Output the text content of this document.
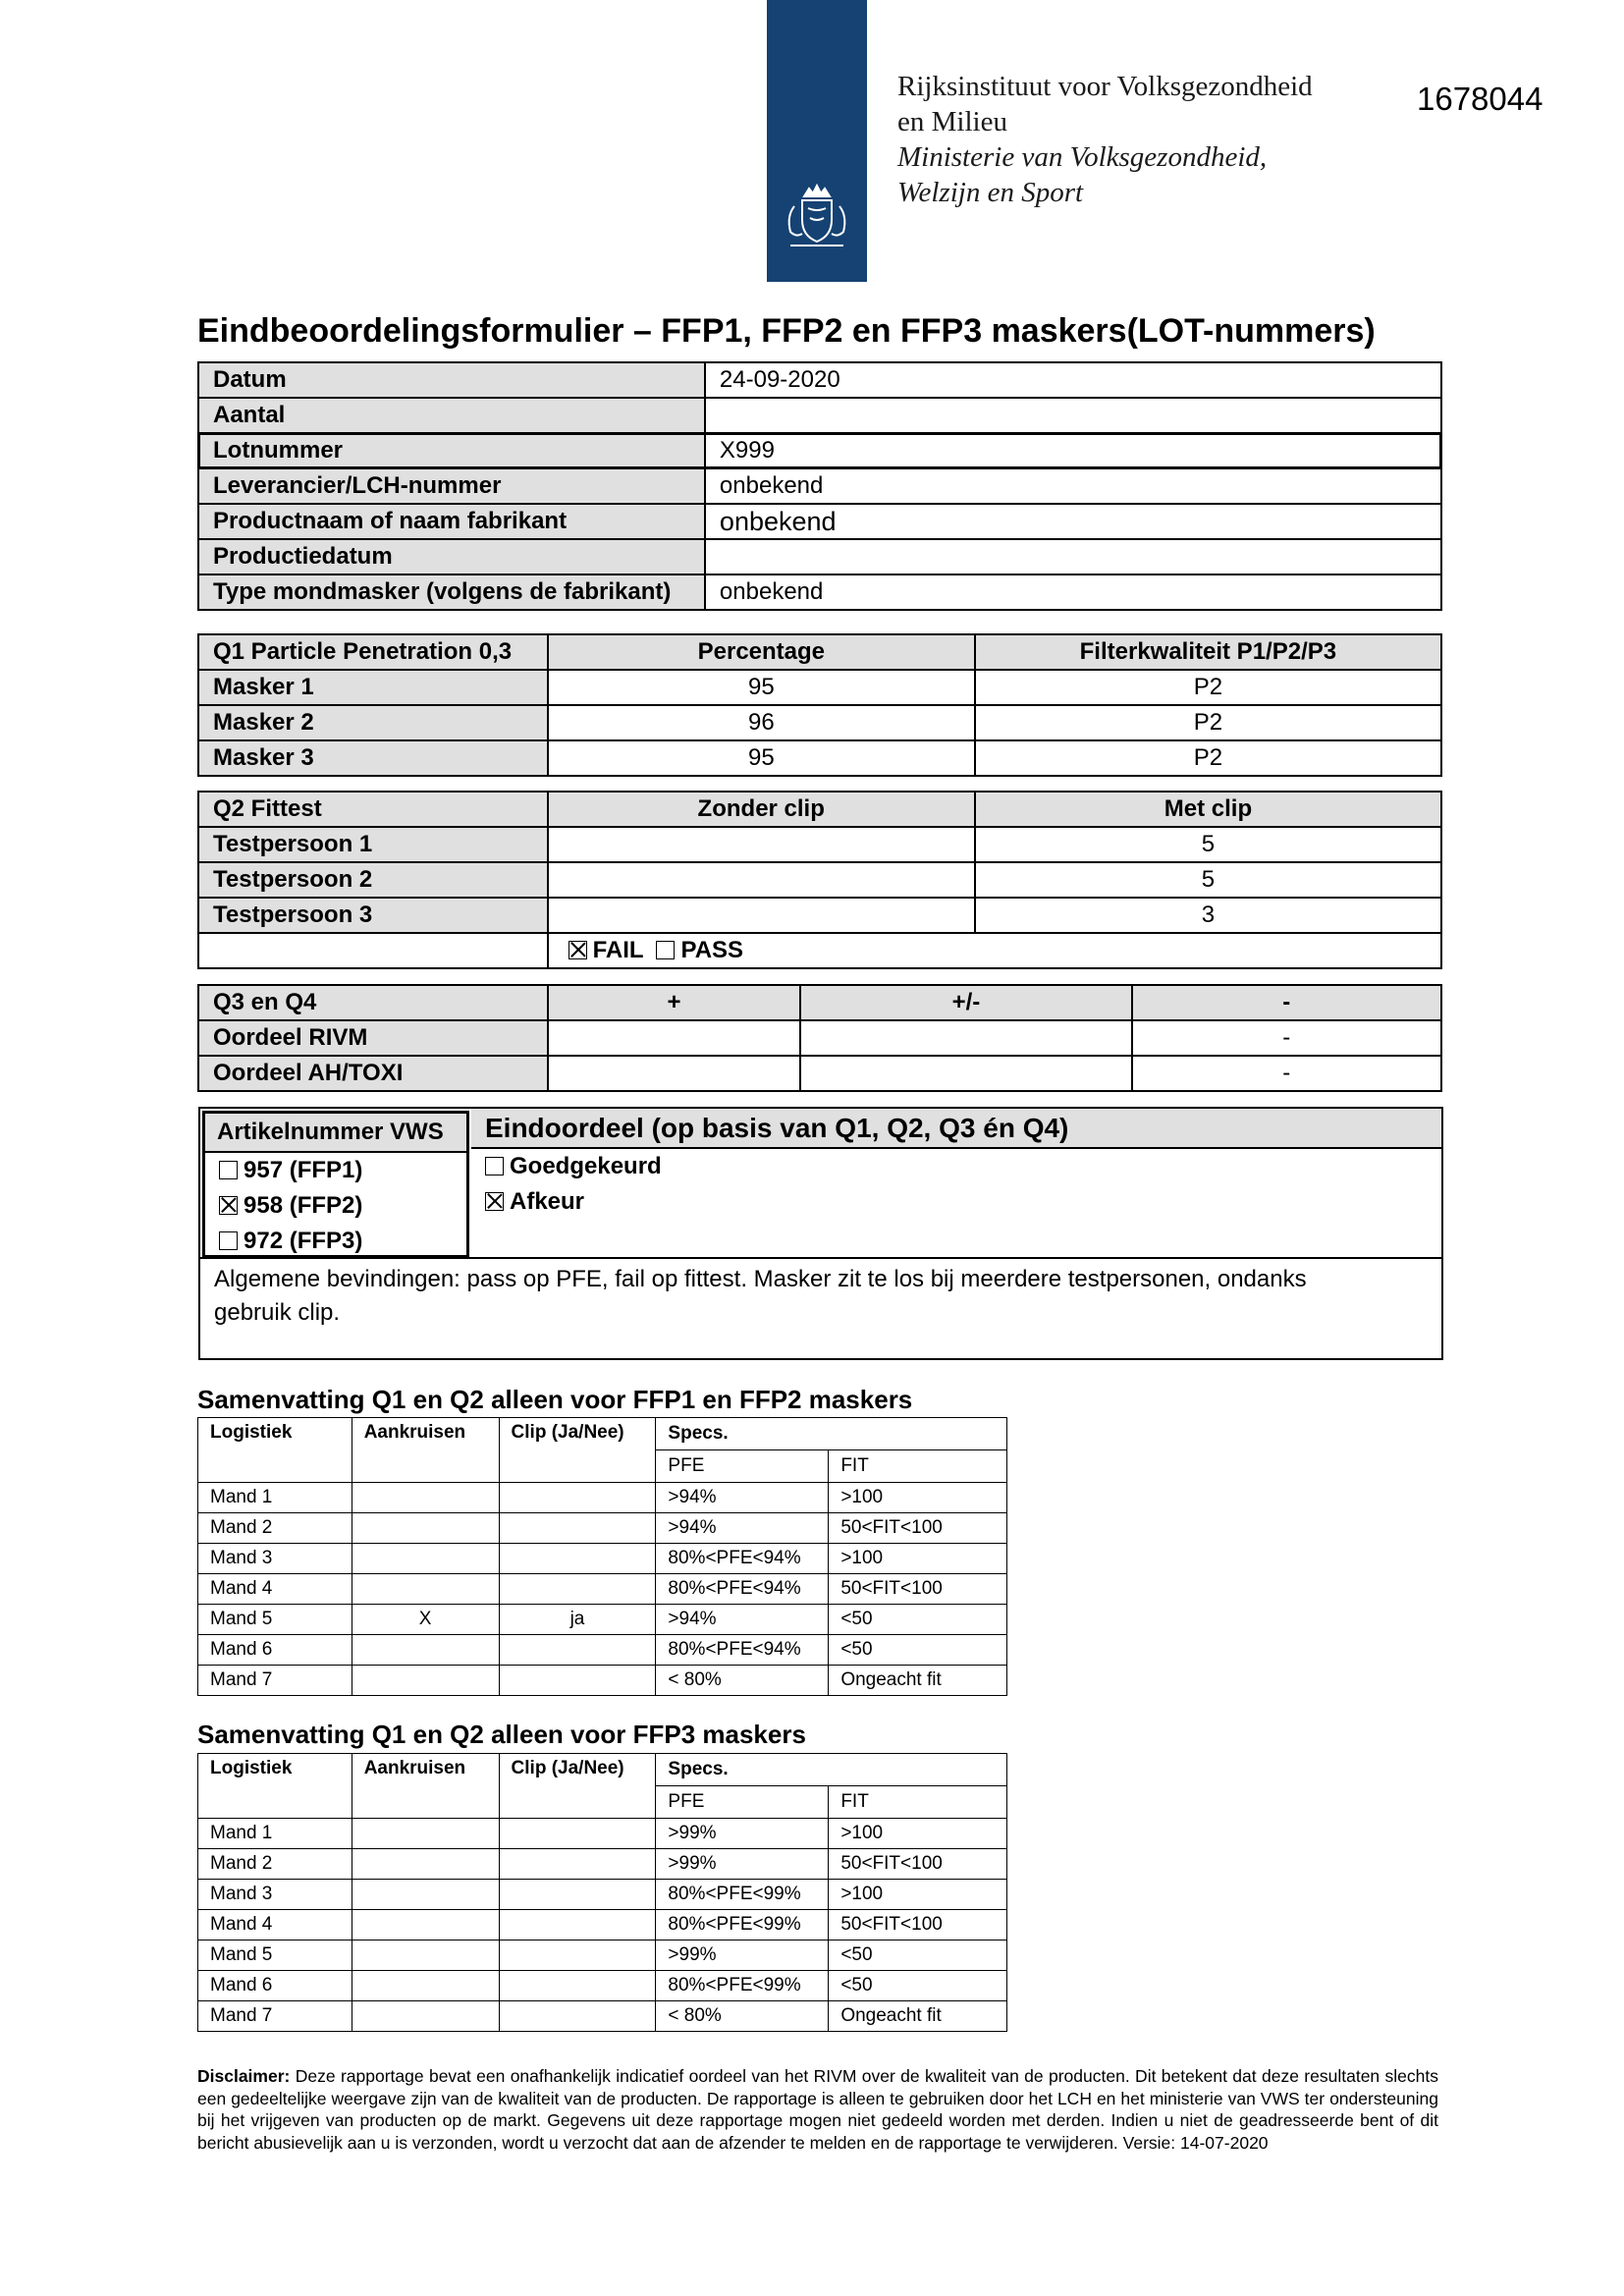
Rijksinstituut voor Volksgezondheid
en Milieu
Ministerie van Volksgezondheid,
Welzijn en Sport
1678044
Eindbeoordelingsformulier – FFP1, FFP2 en FFP3 maskers(LOT-nummers)
Datum	24-09-2020
Aantal	
Lotnummer	X999
Leverancier/LCH-nummer	onbekend
Productnaam of naam fabrikant	onbekend
Productiedatum	
Type mondmasker (volgens de fabrikant)	onbekend
Q1 Particle Penetration 0,3	Percentage	Filterkwaliteit P1/P2/P3
Masker 1	95	P2
Masker 2	96	P2
Masker 3	95	P2
Q2 Fittest	Zonder clip	Met clip
Testpersoon 1		5
Testpersoon 2		5
Testpersoon 3		3
	FAIL PASS	
Q3 en Q4	+	+/-	-
Oordeel RIVM			-
Oordeel AH/TOXI			-
Artikelnummer VWS
957 (FFP1)
958 (FFP2)
972 (FFP3)
Eindoordeel (op basis van Q1, Q2, Q3 én Q4)
Goedgekeurd
Afkeur
Algemene bevindingen: pass op PFE, fail op fittest. Masker zit te los bij meerdere testpersonen, ondanks
gebruik clip.
Samenvatting Q1 en Q2 alleen voor FFP1 en FFP2 maskers
Logistiek	Aankruisen	Clip (Ja/Nee)	Specs.	
			PFE	FIT
Mand 1			>94%	>100
Mand 2			>94%	50<FIT<100
Mand 3			80%<PFE<94%	>100
Mand 4			80%<PFE<94%	50<FIT<100
Mand 5	X	ja	>94%	<50
Mand 6			80%<PFE<94%	<50
Mand 7			< 80%	Ongeacht fit
Samenvatting Q1 en Q2 alleen voor FFP3 maskers
Logistiek	Aankruisen	Clip (Ja/Nee)	Specs.	
			PFE	FIT
Mand 1			>99%	>100
Mand 2			>99%	50<FIT<100
Mand 3			80%<PFE<99%	>100
Mand 4			80%<PFE<99%	50<FIT<100
Mand 5			>99%	<50
Mand 6			80%<PFE<99%	<50
Mand 7			< 80%	Ongeacht fit
Disclaimer: Deze rapportage bevat een onafhankelijk indicatief oordeel van het RIVM over de kwaliteit van de producten. Dit betekent dat deze resultaten slechts een gedeeltelijke weergave zijn van de kwaliteit van de producten. De rapportage is alleen te gebruiken door het LCH en het ministerie van VWS ter ondersteuning bij het vrijgeven van producten op de markt. Gegevens uit deze rapportage mogen niet gedeeld worden met derden. Indien u niet de geadresseerde bent of dit bericht abusievelijk aan u is verzonden, wordt u verzocht dat aan de afzender te melden en de rapportage te verwijderen. Versie: 14-07-2020
